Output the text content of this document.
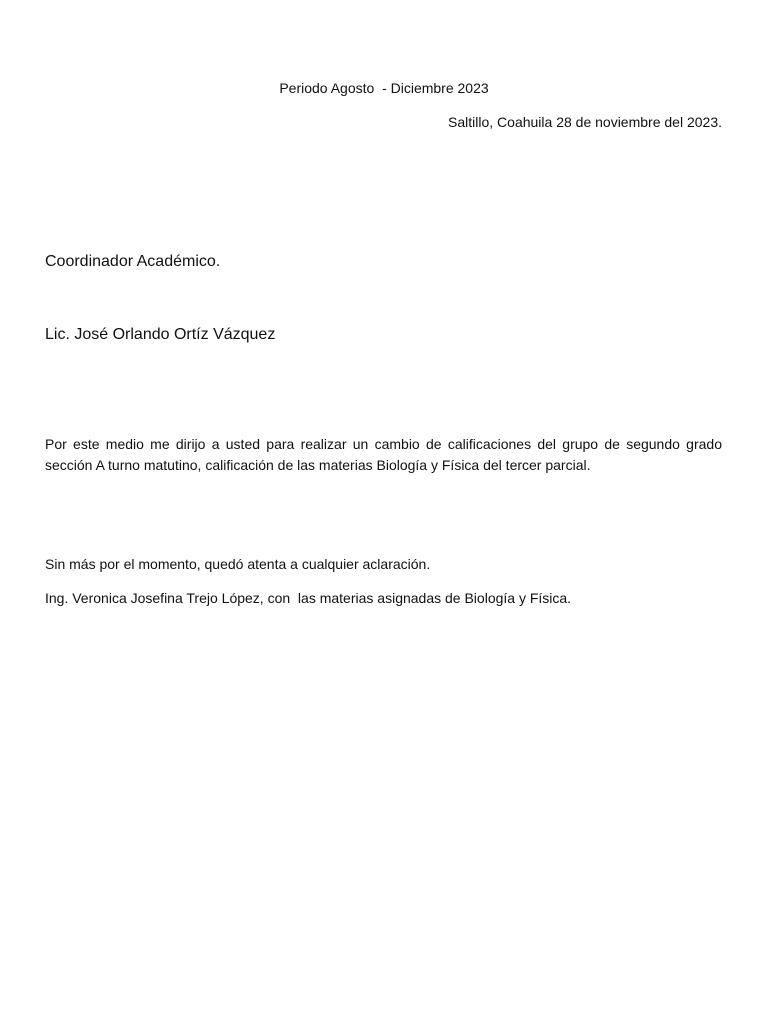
Periodo Agosto  - Diciembre 2023

Saltillo, Coahuila 28 de noviembre del 2023.

Coordinador Académico.

Lic. José Orlando Ortíz Vázquez

Por este medio me dirijo a usted para realizar un cambio de calificaciones del grupo de segundo grado sección A turno matutino, calificación de las materias Biología y Física del tercer parcial.

Sin más por el momento, quedó atenta a cualquier aclaración.

Ing. Veronica Josefina Trejo López, con  las materias asignadas de Biología y Física.
